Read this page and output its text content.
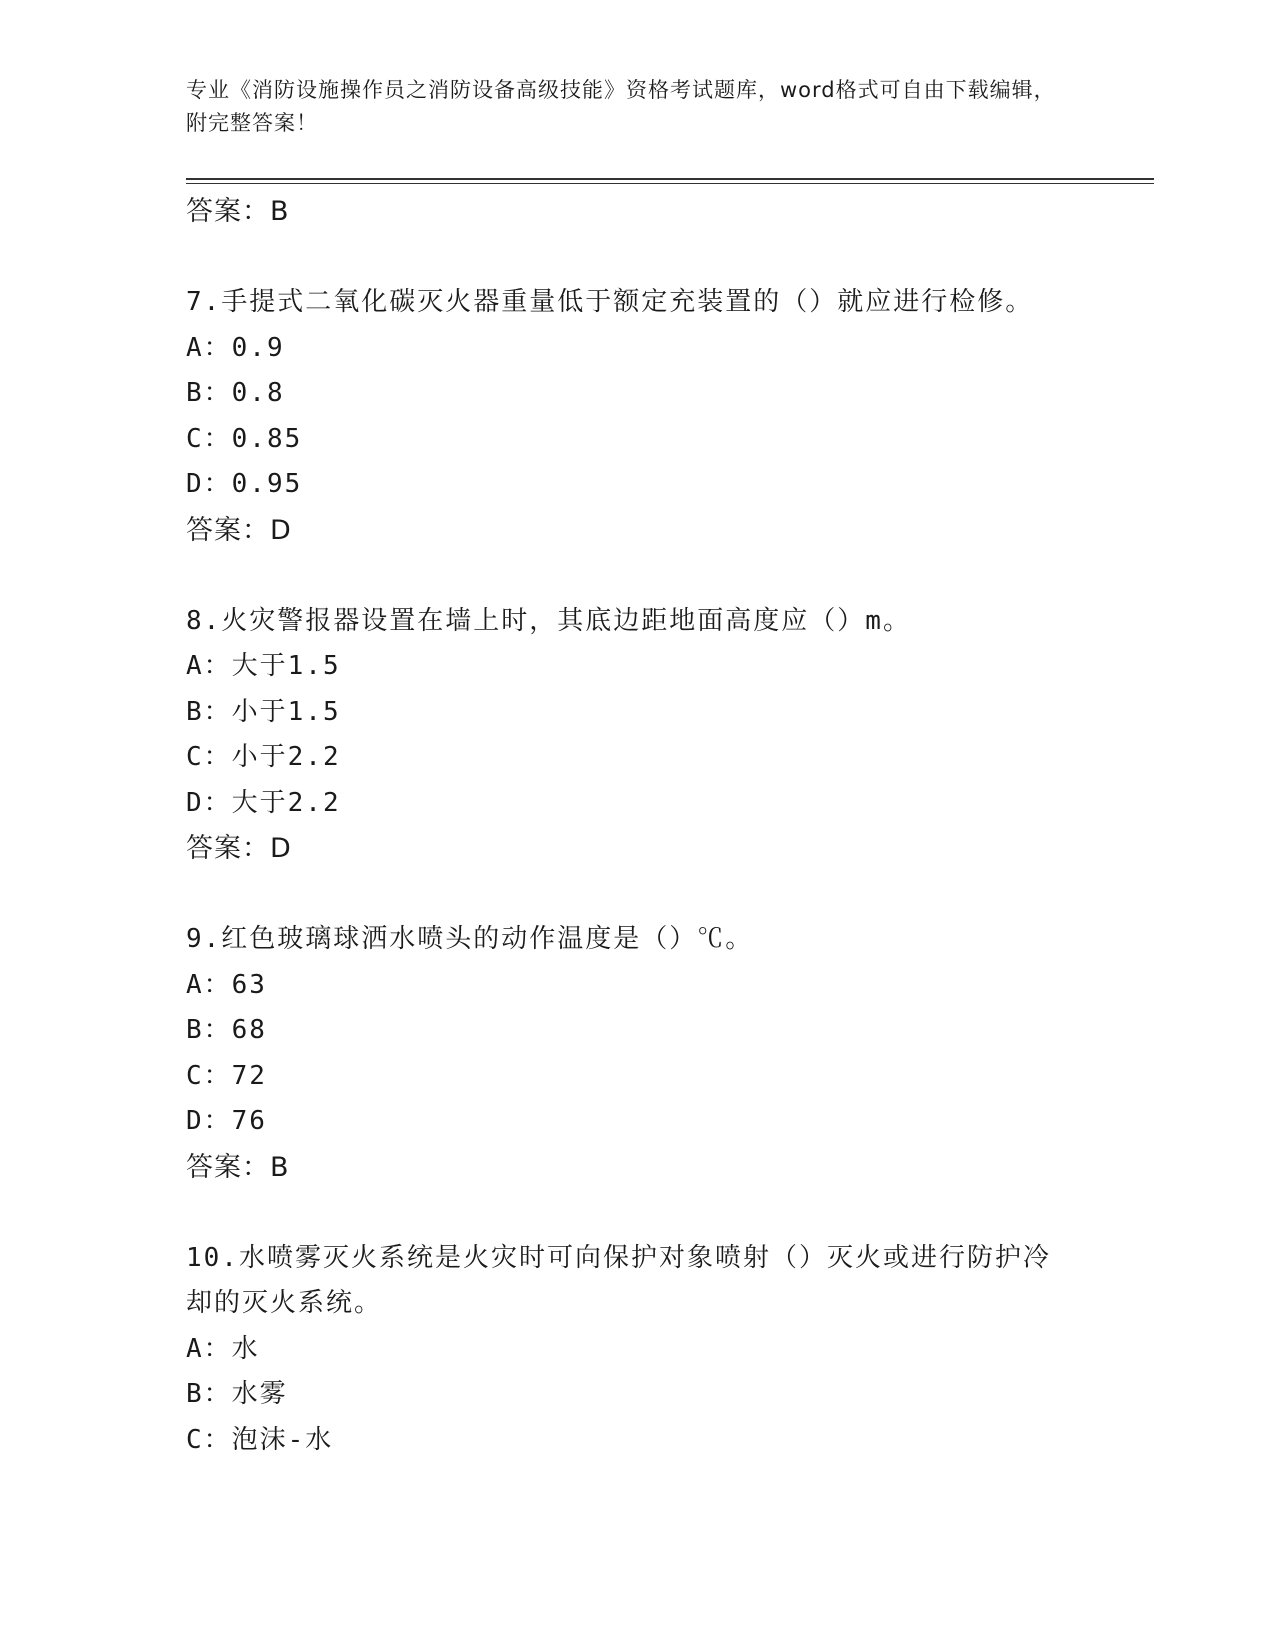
专业《消防设施操作员之消防设备高级技能》资格考试题库，word格式可自由下载编辑，附完整答案！
答案：B
7.手提式二氧化碳灭火器重量低于额定充装置的（）就应进行检修。
A：0.9
B：0.8
C：0.85
D：0.95
答案：D
8.火灾警报器设置在墙上时，其底边距地面高度应（）m。
A：大于1.5
B：小于1.5
C：小于2.2
D：大于2.2
答案：D
9.红色玻璃球洒水喷头的动作温度是（）℃。
A：63
B：68
C：72
D：76
答案：B
10.水喷雾灭火系统是火灾时可向保护对象喷射（）灭火或进行防护冷
却的灭火系统。
A：水
B：水雾
C：泡沫-水
